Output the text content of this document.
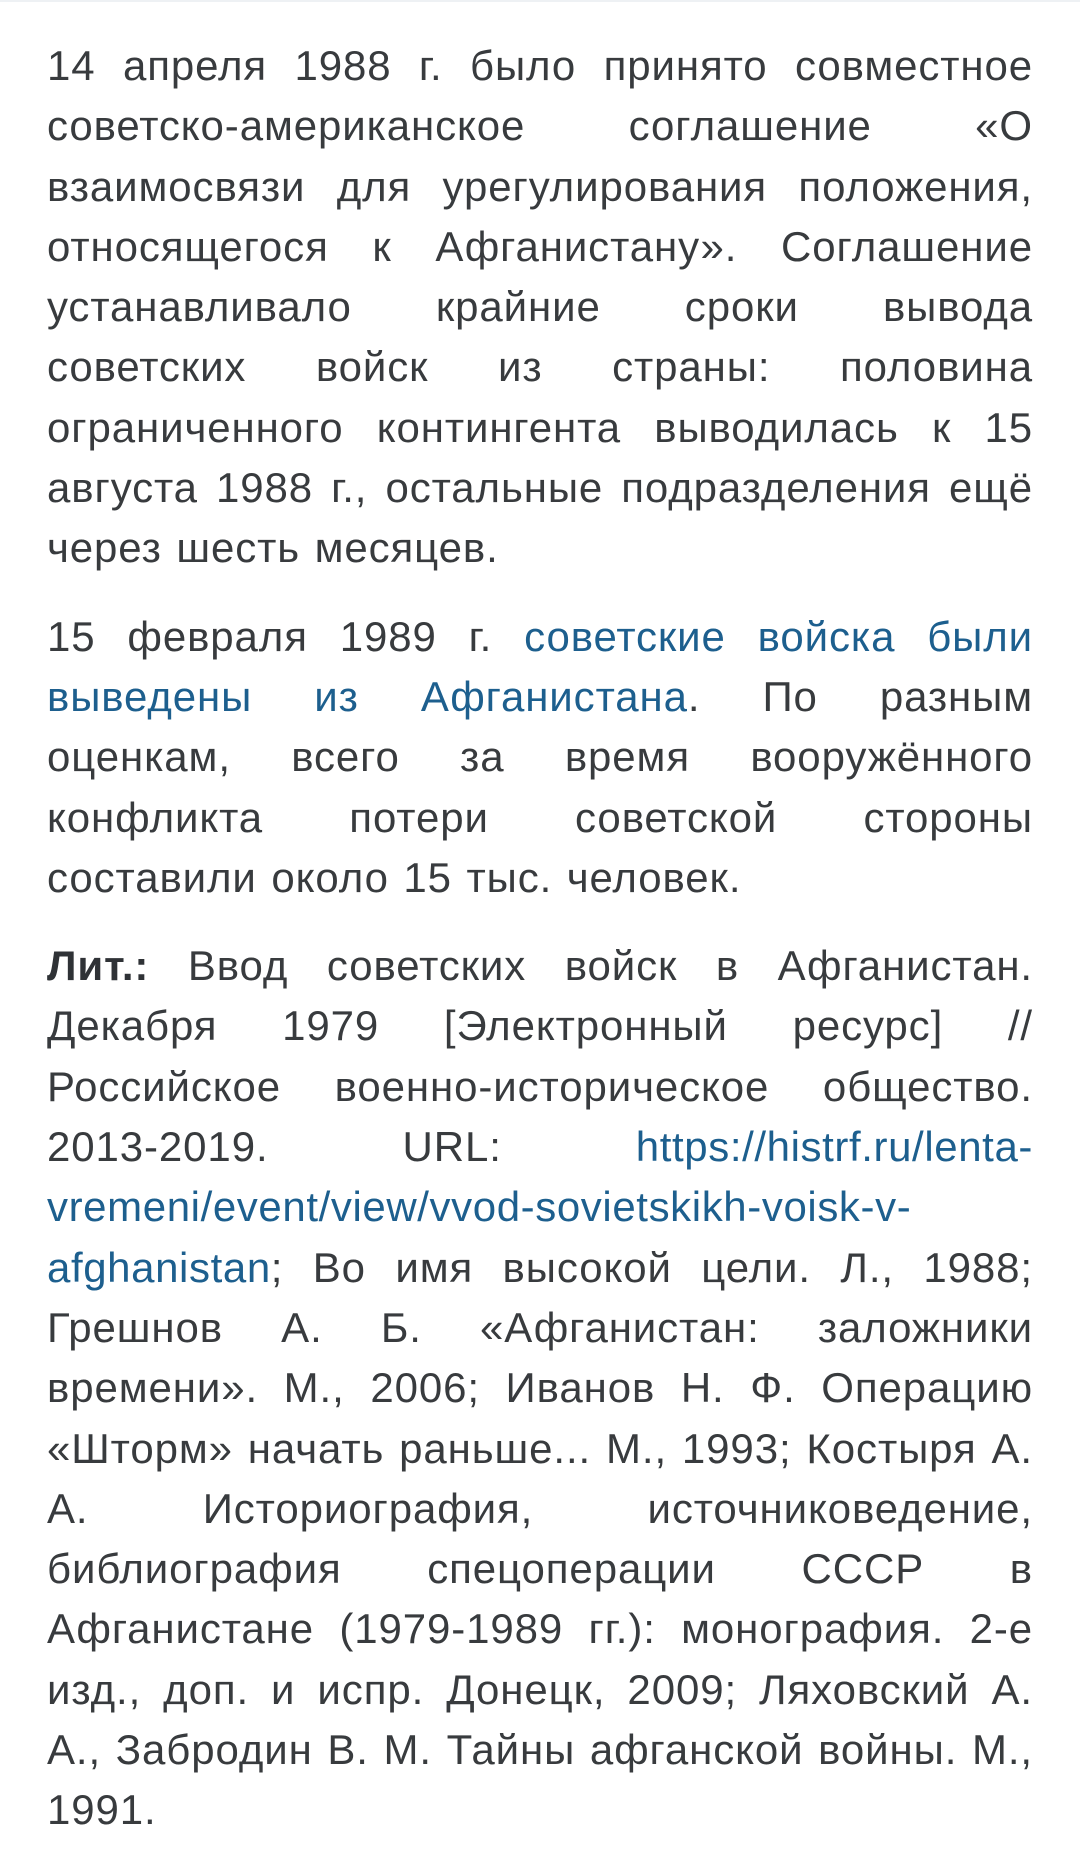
14 апреля 1988 г. было принято совместное советско-американское соглашение «О взаимосвязи для урегулирования положения, относящегося к Афганистану». Соглашение устанавливало крайние сроки вывода советских войск из страны: половина ограниченного контингента выводилась к 15 августа 1988 г., остальные подразделения ещё через шесть месяцев.

15 февраля 1989 г. советские войска были выведены из Афганистана. По разным оценкам, всего за время вооружённого конфликта потери советской стороны составили около 15 тыс. человек.

Лит.: Ввод советских войск в Афганистан. Декабря 1979 [Электронный ресурс] // Российское военно-историческое общество. 2013-2019. URL: https://histrf.ru/lenta-vremeni/event/view/vvod-sovietskikh-voisk-v-afghanistan; Во имя высокой цели. Л., 1988; Грешнов А. Б. «Афганистан: заложники времени». М., 2006; Иванов Н. Ф. Операцию «Шторм» начать раньше... М., 1993; Костыря А. А. Историография, источниковедение, библиография спецоперации СССР в Афганистане (1979-1989 гг.): монография. 2-е изд., доп. и испр. Донецк, 2009; Ляховский А. А., Забродин В. М. Тайны афганской войны. М., 1991.
